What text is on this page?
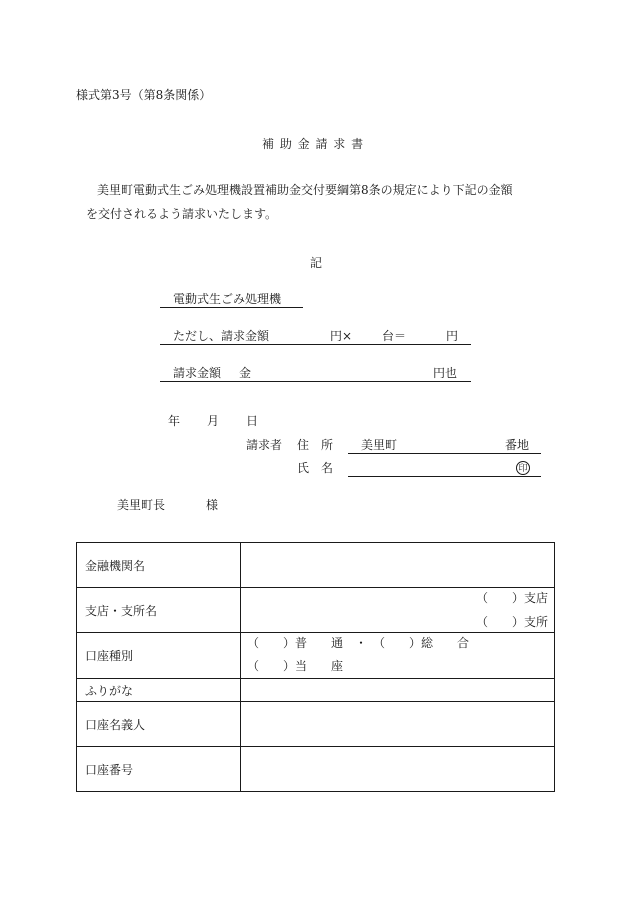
様式第3号（第8条関係）
補 助 金 請 求 書
美里町電動式生ごみ処理機設置補助金交付要綱第8条の規定により下記の金額
を交付されるよう請求いたします。
記
電動式生ごみ処理機
ただし、請求金額	円× 台＝	円
請求金額 金	円也
年 月 日
請求者 住　所 美里町	番地
氏　名	印
美里町長	様
金融機関名	
支店・支所名	（　　）支店
（　　）支所

口座種別	（　　）普　　通　・　（　　）総　　合
（　　）当　　座

ふりがな	
口座名義人	
口座番号	
